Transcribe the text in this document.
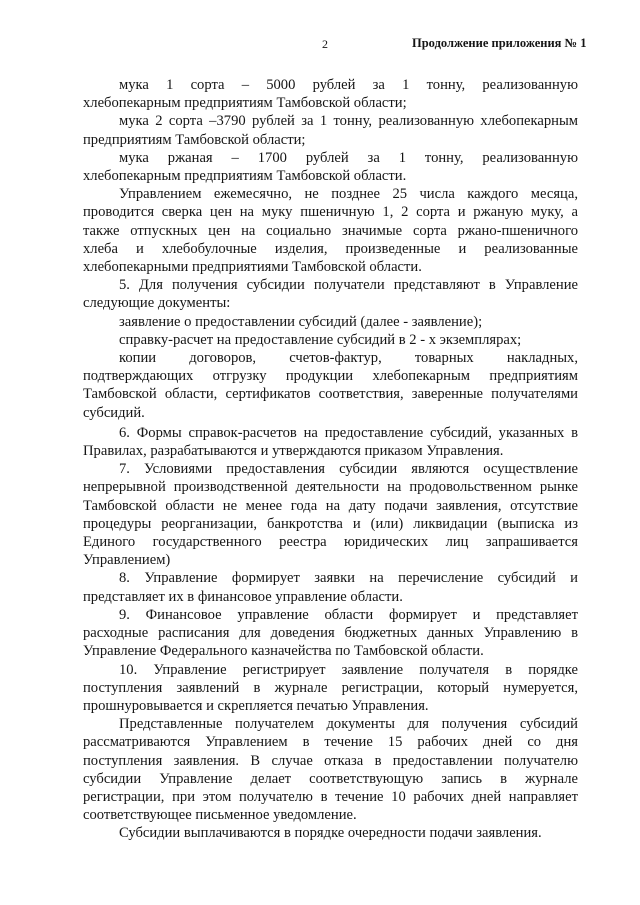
2	Продолжение приложения № 1
мука 1 сорта – 5000 рублей за 1 тонну, реализованную
хлебопекарным предприятиям Тамбовской области;
мука 2 сорта –3790 рублей за 1 тонну, реализованную хлебопекарным
предприятиям Тамбовской области;
мука ржаная – 1700 рублей за 1 тонну, реализованную
хлебопекарным предприятиям Тамбовской области.
Управлением ежемесячно, не позднее 25 числа каждого месяца,
проводится сверка цен на муку пшеничную 1, 2 сорта и ржаную муку, а
также отпускных цен на социально значимые сорта ржано-пшеничного
хлеба и хлебобулочные изделия, произведенные и реализованные
хлебопекарными предприятиями Тамбовской области.
5. Для получения субсидии получатели представляют в Управление
следующие документы:
заявление о предоставлении субсидий (далее - заявление);
справку-расчет на предоставление субсидий в 2 - х экземплярах;
копии договоров, счетов-фактур, товарных накладных,
подтверждающих отгрузку продукции хлебопекарным предприятиям
Тамбовской области, сертификатов соответствия, заверенные получателями
субсидий.
6. Формы справок-расчетов на предоставление субсидий, указанных в
Правилах, разрабатываются и утверждаются приказом Управления.
7. Условиями предоставления субсидии являются осуществление
непрерывной производственной деятельности на продовольственном рынке
Тамбовской области не менее года на дату подачи заявления, отсутствие
процедуры реорганизации, банкротства и (или) ликвидации (выписка из
Единого государственного реестра юридических лиц запрашивается
Управлением)
8. Управление формирует заявки на перечисление субсидий и
представляет их в финансовое управление области.
9. Финансовое управление области формирует и представляет
расходные расписания для доведения бюджетных данных Управлению в
Управление Федерального казначейства по Тамбовской области.
10. Управление регистрирует заявление получателя в порядке
поступления заявлений в журнале регистрации, который нумеруется,
прошнуровывается и скрепляется печатью Управления.
Представленные получателем документы для получения субсидий
рассматриваются Управлением в течение 15 рабочих дней со дня
поступления заявления. В случае отказа в предоставлении получателю
субсидии Управление делает соответствующую запись в журнале
регистрации, при этом получателю в течение 10 рабочих дней направляет
соответствующее письменное уведомление.
Субсидии выплачиваются в порядке очередности подачи заявления.
